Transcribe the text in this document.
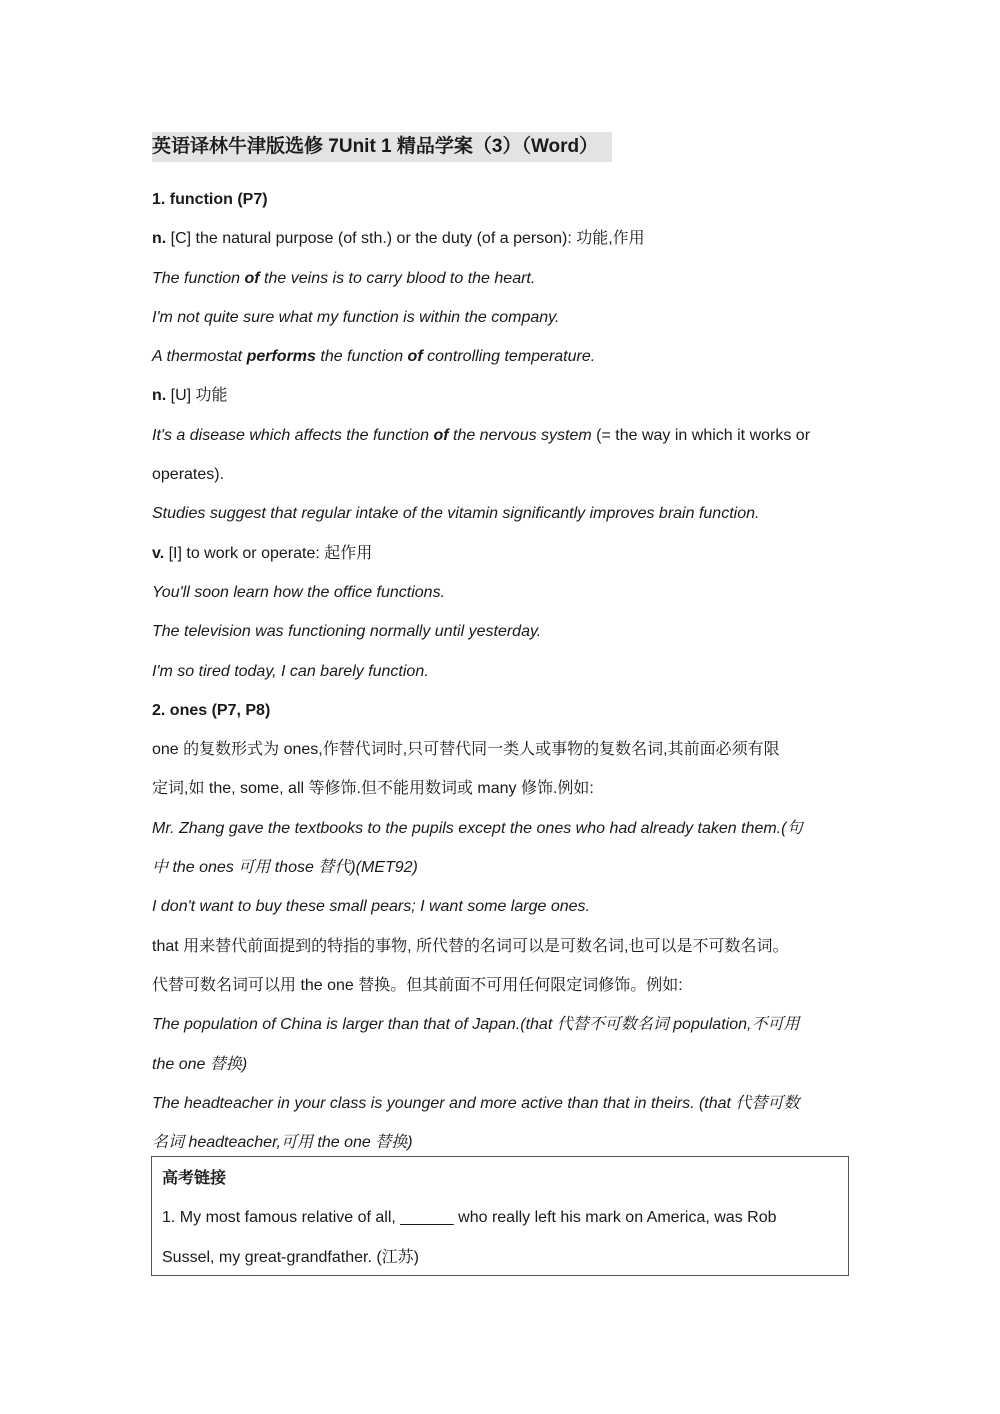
英语译林牛津版选修 7Unit 1 精品学案（3）（Word）
1. function (P7)
n. [C] the natural purpose (of sth.) or the duty (of a person): 功能,作用
The function of the veins is to carry blood to the heart.
I'm not quite sure what my function is within the company.
A thermostat performs the function of controlling temperature.
n. [U] 功能
It's a disease which affects the function of the nervous system (= the way in which it works or
operates).
Studies suggest that regular intake of the vitamin significantly improves brain function.
v. [I] to work or operate: 起作用
You'll soon learn how the office functions.
The television was functioning normally until yesterday.
I'm so tired today, I can barely function.
2. ones (P7, P8)
one 的复数形式为 ones,作替代词时,只可替代同一类人或事物的复数名词,其前面必须有限
定词,如 the, some, all 等修饰.但不能用数词或 many 修饰.例如:
Mr. Zhang gave the textbooks to the pupils except the ones who had already taken them.(句
中 the ones 可用 those 替代)(MET92)
I don't want to buy these small pears; I want some large ones.
that 用来替代前面提到的特指的事物, 所代替的名词可以是可数名词,也可以是不可数名词。
代替可数名词可以用 the one 替换。但其前面不可用任何限定词修饰。例如:
The population of China is larger than that of Japan.(that 代替不可数名词 population,不可用
the one 替换)
The headteacher in your class is younger and more active than that in theirs. (that 代替可数
名词 headteacher,可用 the one 替换)
高考链接
1. My most famous relative of all, ______ who really left his mark on America, was Rob
Sussel, my great-grandfather. (江苏)
